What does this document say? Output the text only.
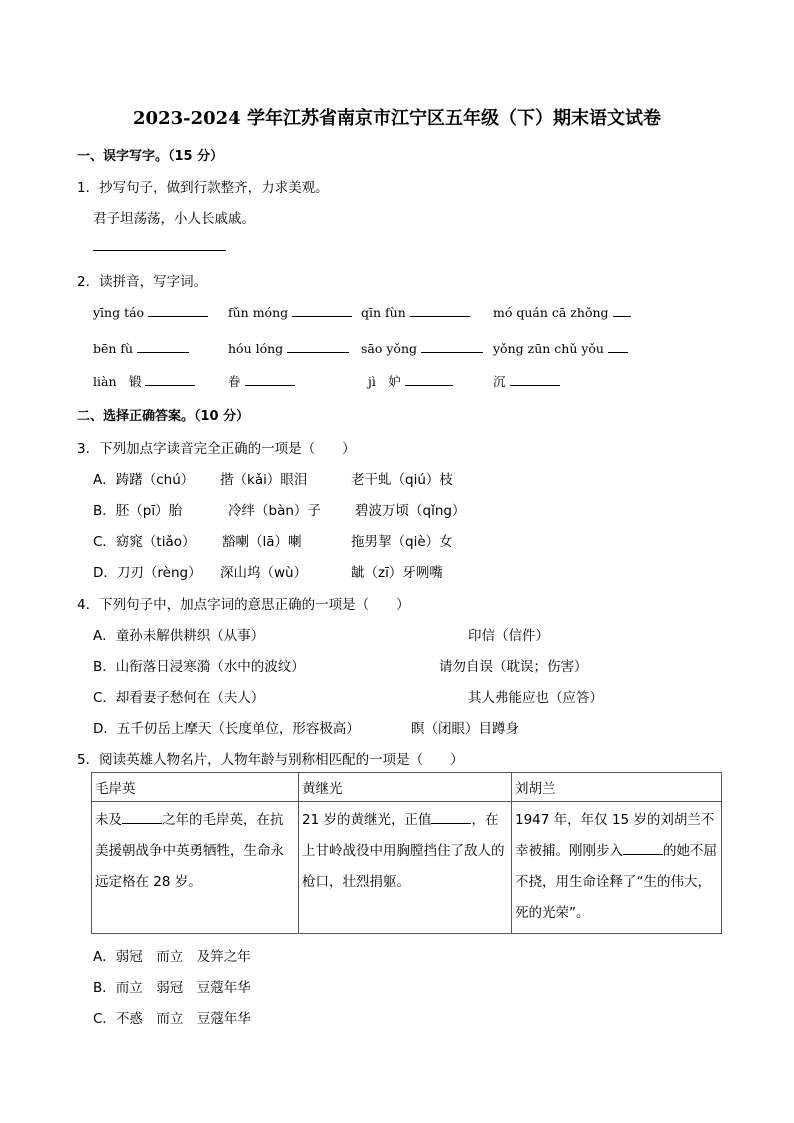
2023-2024 学年江苏省南京市江宁区五年级（下）期末语文试卷
一、误字写字。（15 分）
1．抄写句子，做到行款整齐，力求美观。
君子坦荡荡，小人长戚戚。
2．读拼音，写字词。
yīng táo	fǔn móng	qīn fùn	mó quán cā zhǒng
bēn fù	hóu lóng	sāo yǒng	yǒng zūn chǔ yǒu
liàn　锻	眷	jì　妒	沉
二、选择正确答案。（10 分）
3．下列加点字读音完全正确的一项是（　　）
A．踌躇（chú） 揩（kǎi）眼泪	老干虬（qiú）枝
B．胚（pī）胎	冷绊（bàn）子	碧波万顷（qǐng）
C．窈窕（tiǎo） 豁喇（lā）喇	拖男挈（qiè）女
D．刀刃（rèng） 深山坞（wù）	龇（zī）牙咧嘴
4．下列句子中，加点字词的意思正确的一项是（　　）
A．童孙未解供耕织（从事）	印信（信件）
B．山衔落日浸寒漪（水中的波纹）	请勿自误（耽误；伤害）
C．却看妻子愁何在（夫人）	其人弗能应也（应答）
D．五千仞岳上摩天（长度单位，形容极高）	瞑（闭眼）目蹲身
5．阅读英雄人物名片，人物年龄与别称相匹配的一项是（　　）
毛岸英	黄继光	刘胡兰
未及 之年的毛岸英，在抗美援朝战争中英勇牺牲，生命永远定格在 28 岁。	21 岁的黄继光，正值 ，在上甘岭战役中用胸膛挡住了敌人的枪口，壮烈捐躯。	1947 年，年仅 15 岁的刘胡兰不幸被捕。刚刚步入 的她不屈不挠，用生命诠释了“生的伟大，死的光荣”。
A．弱冠　而立　及笄之年
B．而立　弱冠　豆蔻年华
C．不惑　而立　豆蔻年华
